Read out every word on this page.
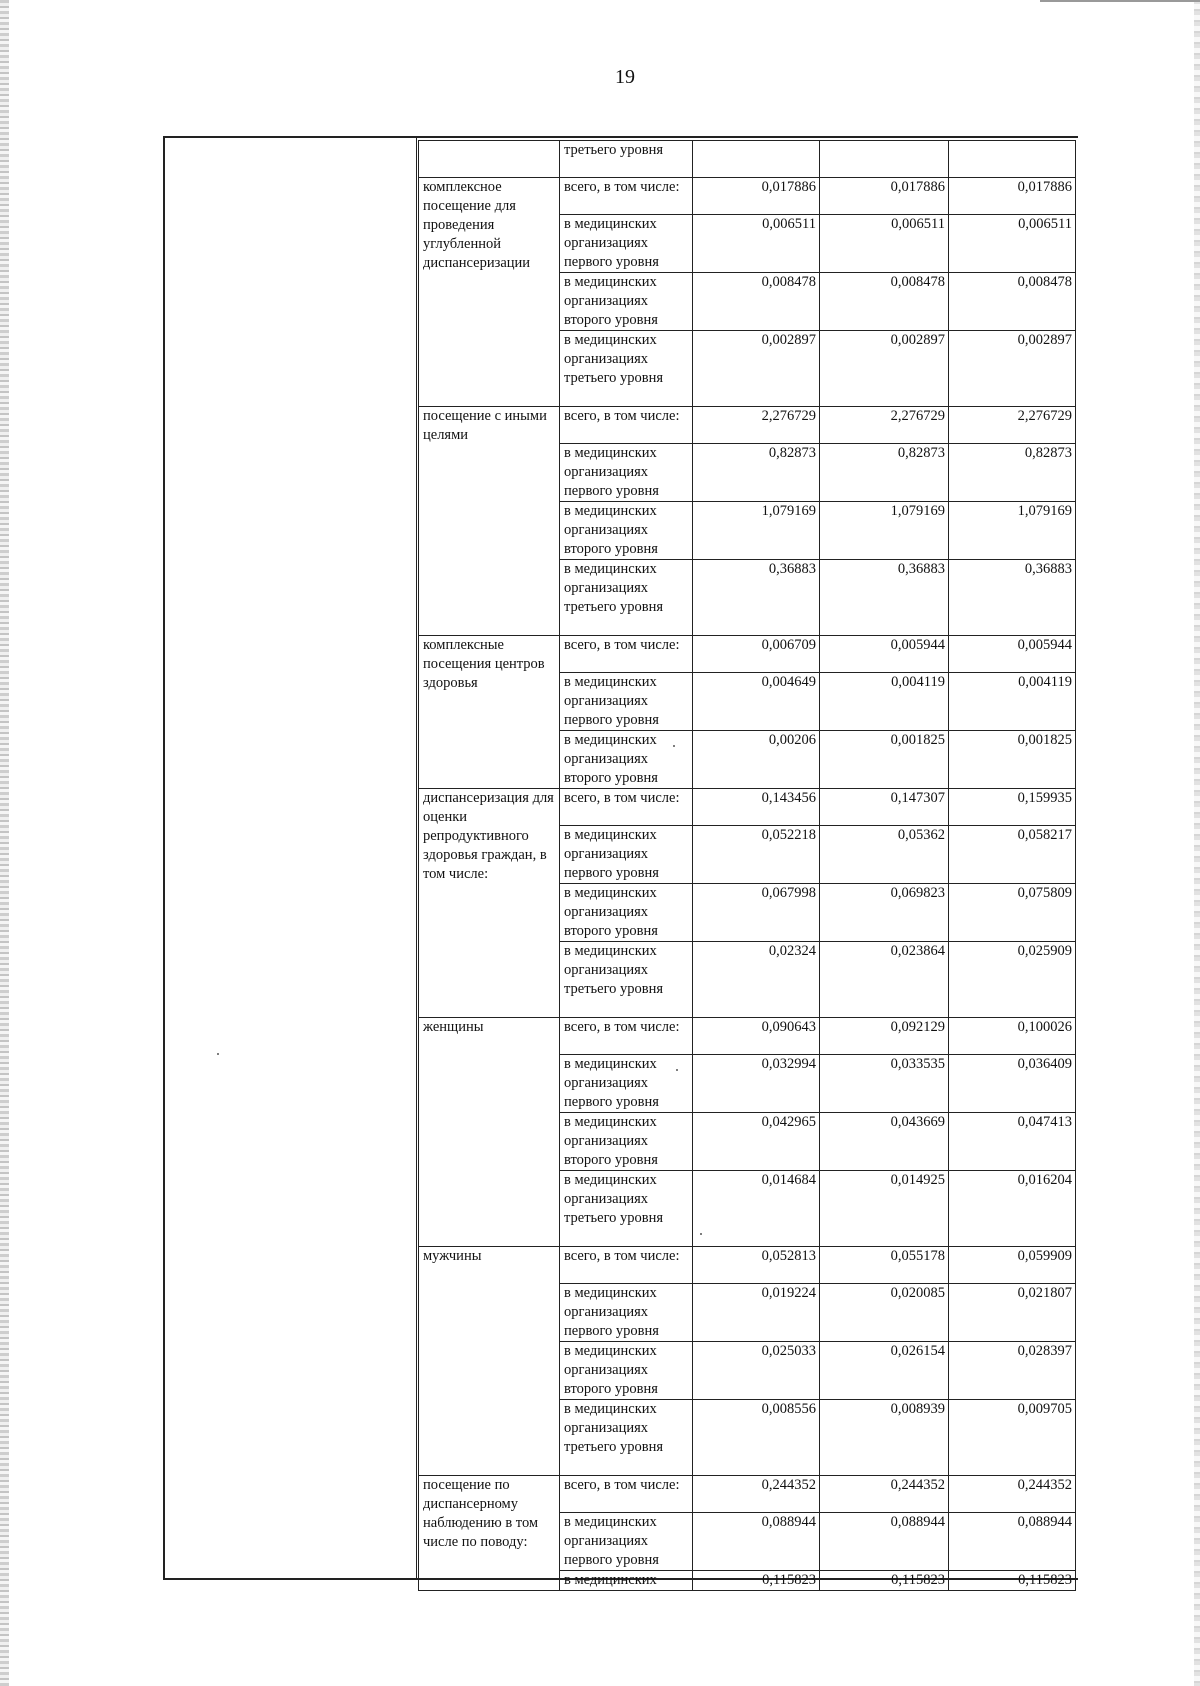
19
	третьего уровня			
комплексное посещение для проведения углубленной диспансеризации	всего, в том числе:	0,017886	0,017886	0,017886
	в медицинских организациях первого уровня	0,006511	0,006511	0,006511
	в медицинских организациях второго уровня	0,008478	0,008478	0,008478
	в медицинских организациях третьего уровня	0,002897	0,002897	0,002897
посещение с иными целями	всего, в том числе:	2,276729	2,276729	2,276729
	в медицинских организациях первого уровня	0,82873	0,82873	0,82873
	в медицинских организациях второго уровня	1,079169	1,079169	1,079169
	в медицинских организациях третьего уровня	0,36883	0,36883	0,36883
комплексные посещения центров здоровья	всего, в том числе:	0,006709	0,005944	0,005944
	в медицинских организациях первого уровня	0,004649	0,004119	0,004119
	в медицинских организациях второго уровня	0,00206	0,001825	0,001825
диспансеризация для оценки репродуктивного здоровья граждан, в том числе:	всего, в том числе:	0,143456	0,147307	0,159935
	в медицинских организациях первого уровня	0,052218	0,05362	0,058217
	в медицинских организациях второго уровня	0,067998	0,069823	0,075809
	в медицинских организациях третьего уровня	0,02324	0,023864	0,025909
женщины	всего, в том числе:	0,090643	0,092129	0,100026
	в медицинских организациях первого уровня	0,032994	0,033535	0,036409
	в медицинских организациях второго уровня	0,042965	0,043669	0,047413
	в медицинских организациях третьего уровня	0,014684	0,014925	0,016204
мужчины	всего, в том числе:	0,052813	0,055178	0,059909
	в медицинских организациях первого уровня	0,019224	0,020085	0,021807
	в медицинских организациях второго уровня	0,025033	0,026154	0,028397
	в медицинских организациях третьего уровня	0,008556	0,008939	0,009705
посещение по диспансерному наблюдению в том числе по поводу:	всего, в том числе:	0,244352	0,244352	0,244352
	в медицинских организациях первого уровня	0,088944	0,088944	0,088944
	в медицинских	0,115823	0,115823	0,115823
